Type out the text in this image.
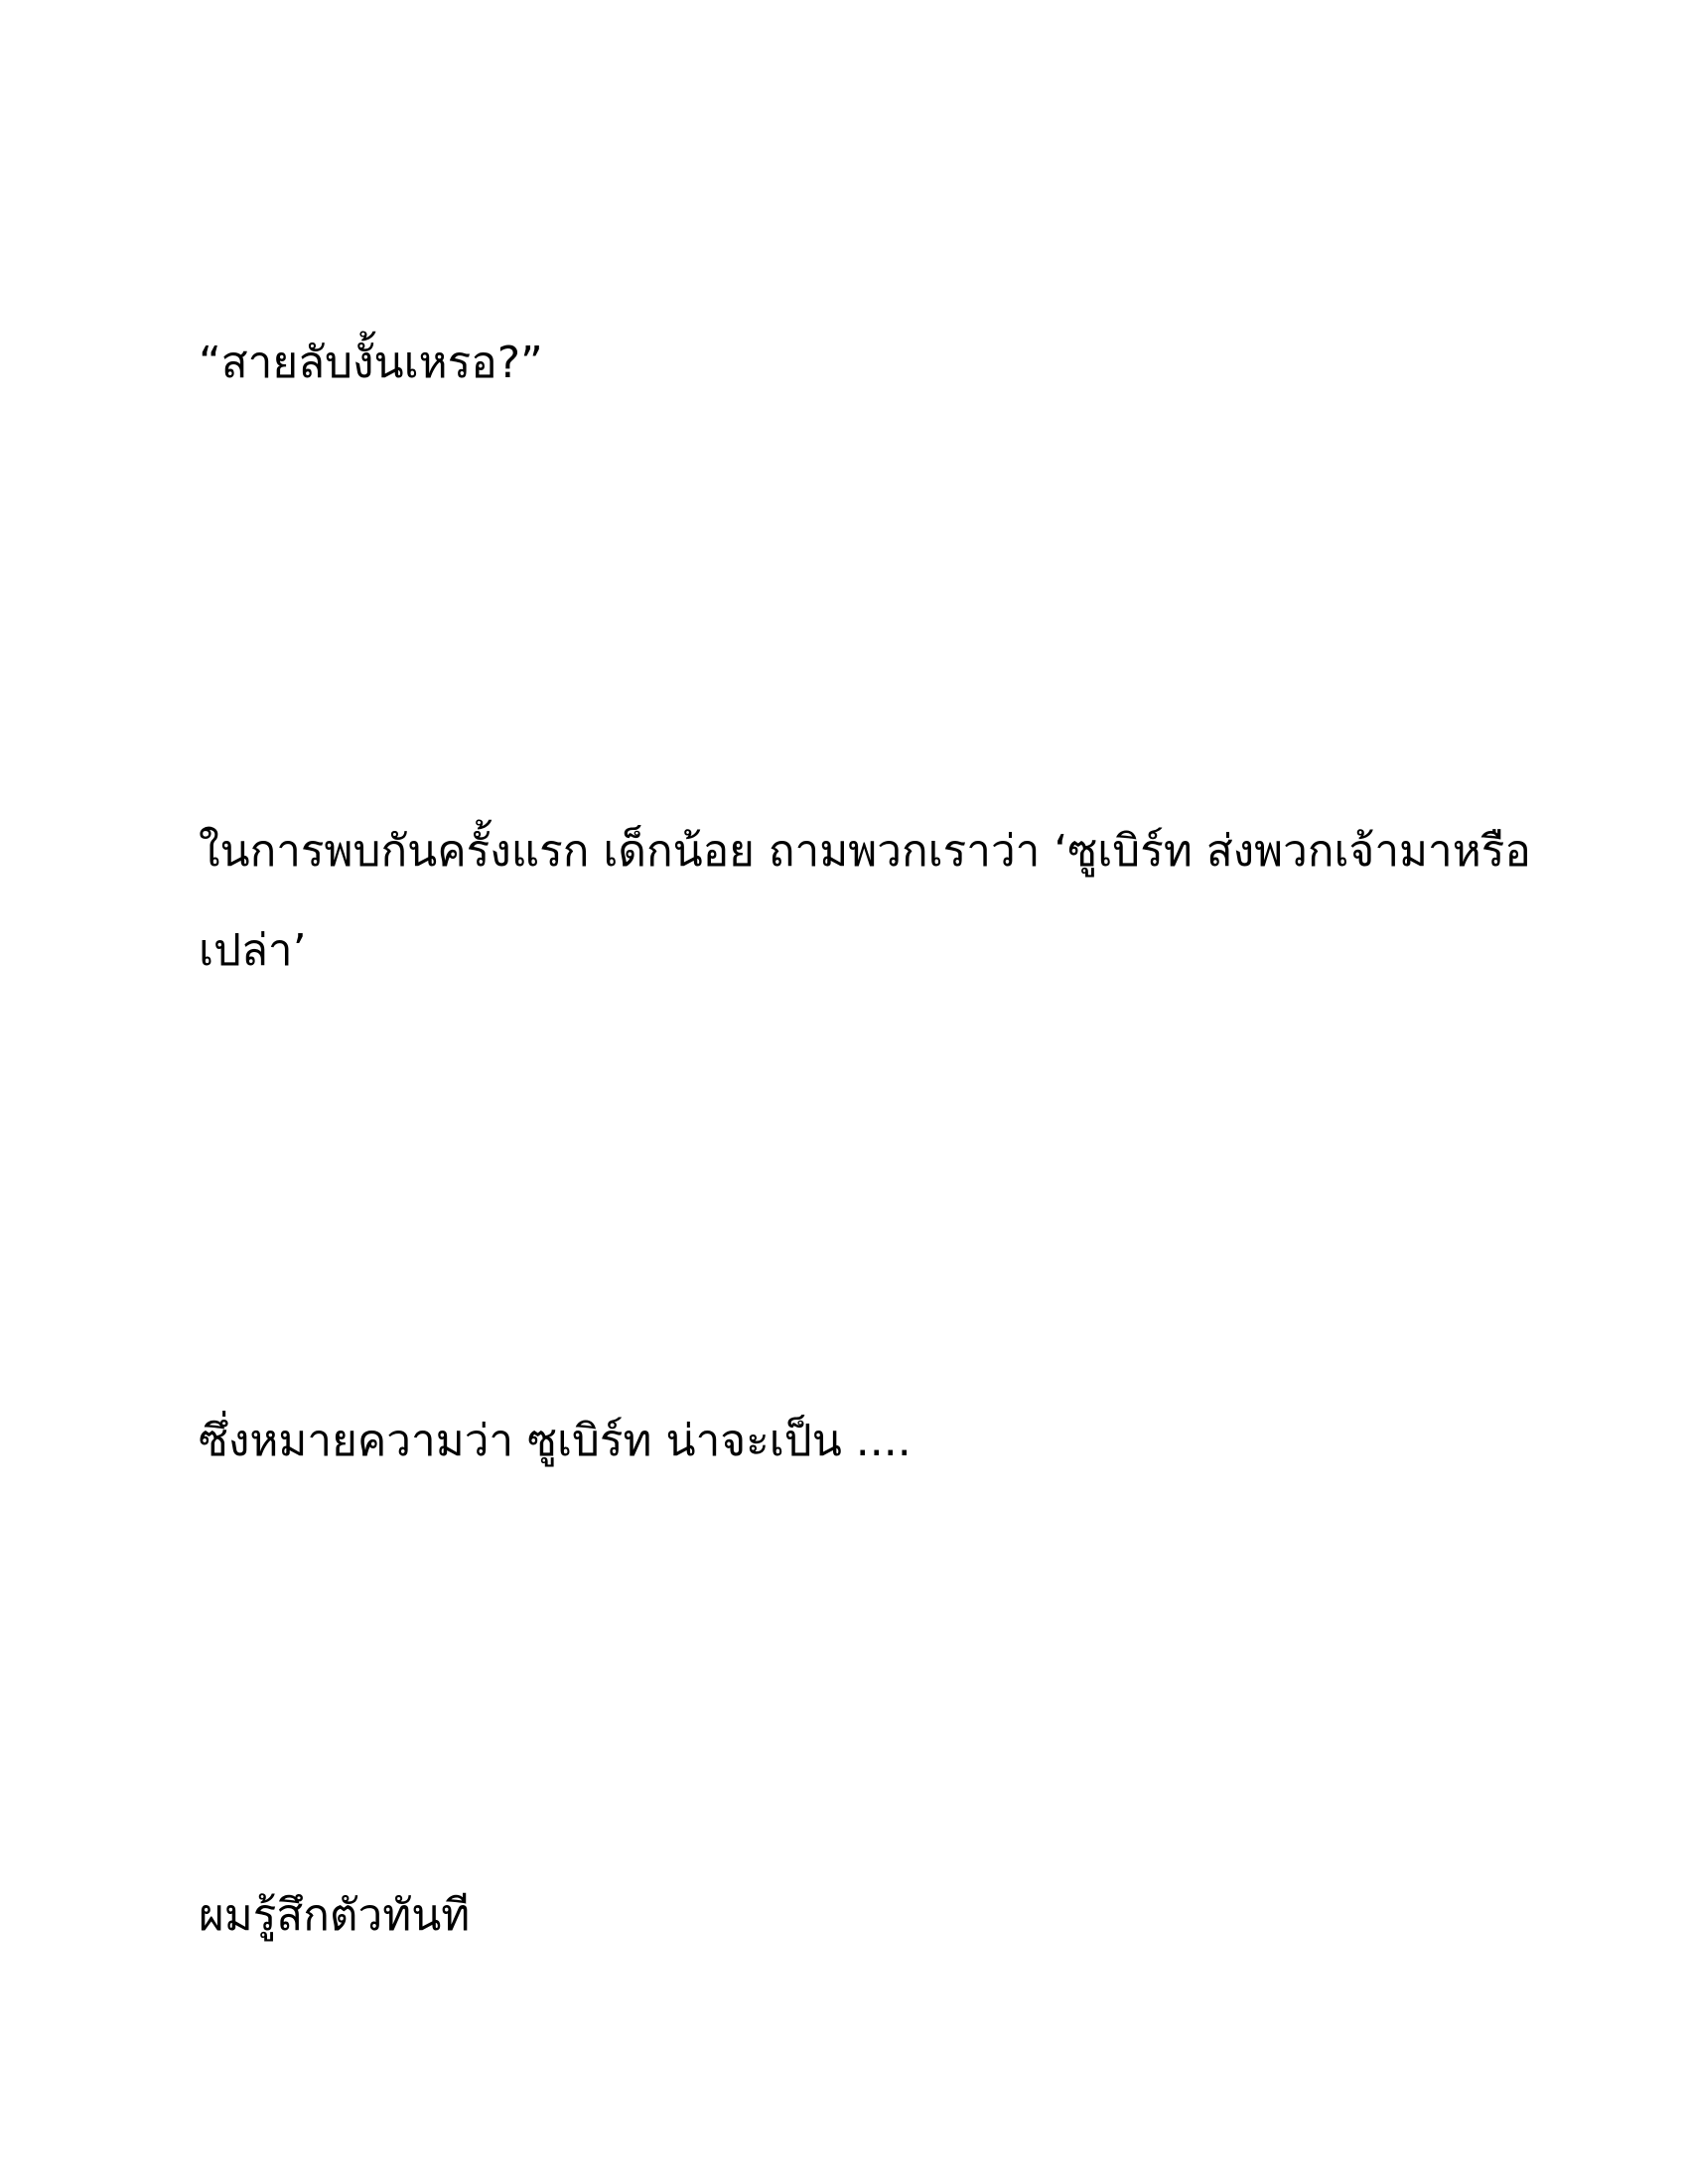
“สายลับงั้นเหรอ?”
ในการพบกันครั้งแรก เด็กน้อย ถามพวกเราว่า ‘ซูเบิร์ท ส่งพวกเจ้ามาหรือ
เปล่า’
ซึ่งหมายความว่า ซูเบิร์ท น่าจะเป็น ....
ผมรู้สึกตัวทันที
